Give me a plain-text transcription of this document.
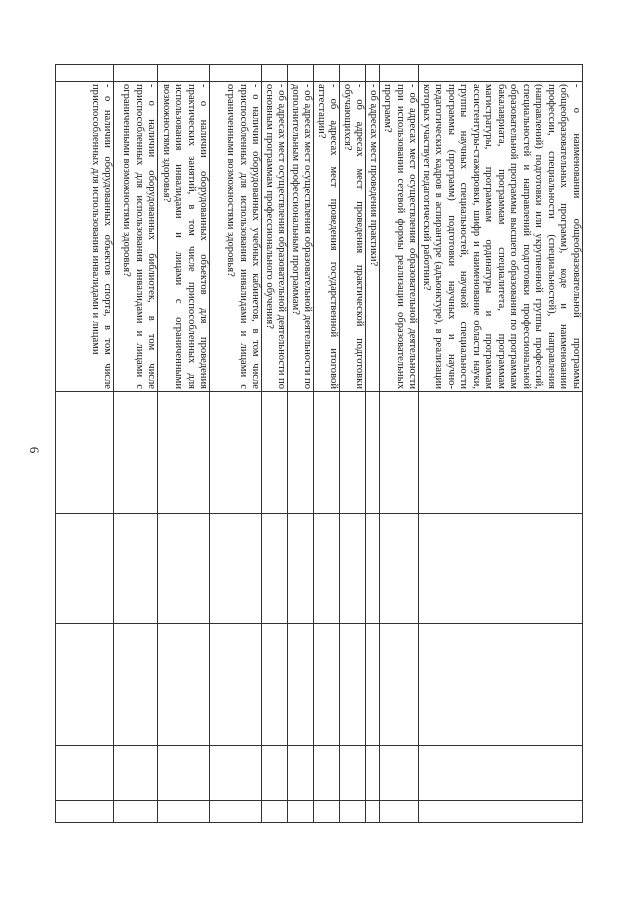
6
	- о наименовании общеобразовательной программы (общеобразовательных программ), коде и наименовании профессии, специальности (специальностей), направления (направлений) подготовки или укрупненной группы профессий, специальностей и направлений подготовки профессиональной образовательной программы высшего образования по программам бакалавриата, программам специалитета, программам магистратуры, программам ординатуры и программам ассистентуры-стажировки, шифр и наименование области науки, группы научных специальностей, научной специальности программы (программ) подготовки научных и научно-педагогических кадров в аспирантуре (адъюнктуре), в реализации которых участвует педагогический работник?					
	- об адресах мест осуществления образовательной деятельности при использовании сетевой формы реализации образовательных программ?					
	- об адресах мест проведения практики?					
	- об адресах мест проведения практической подготовки обучающихся?					
	- об адресах мест проведения государственной итоговой аттестации?					
	- об адресах мест осуществления образовательной деятельности по дополнительным профессиональным программам?					
	- об адресах мест осуществления образовательной деятельности по основным программам профессионального обучения?					
	- о наличии оборудованных учебных кабинетов, в том числе приспособленных для использования инвалидами и лицами с ограниченными возможностями здоровья?					
	- о наличии оборудованных объектов для проведения практических занятий, в том числе приспособленных для использования инвалидами и лицами с ограниченными возможностями здоровья?					
	- о наличии оборудованных библиотек, в том числе приспособленных для использования инвалидами и лицами с ограниченными возможностями здоровья?					
	- о наличии оборудованных объектов спорта, в том числе приспособленных для использования инвалидами и лицами					
